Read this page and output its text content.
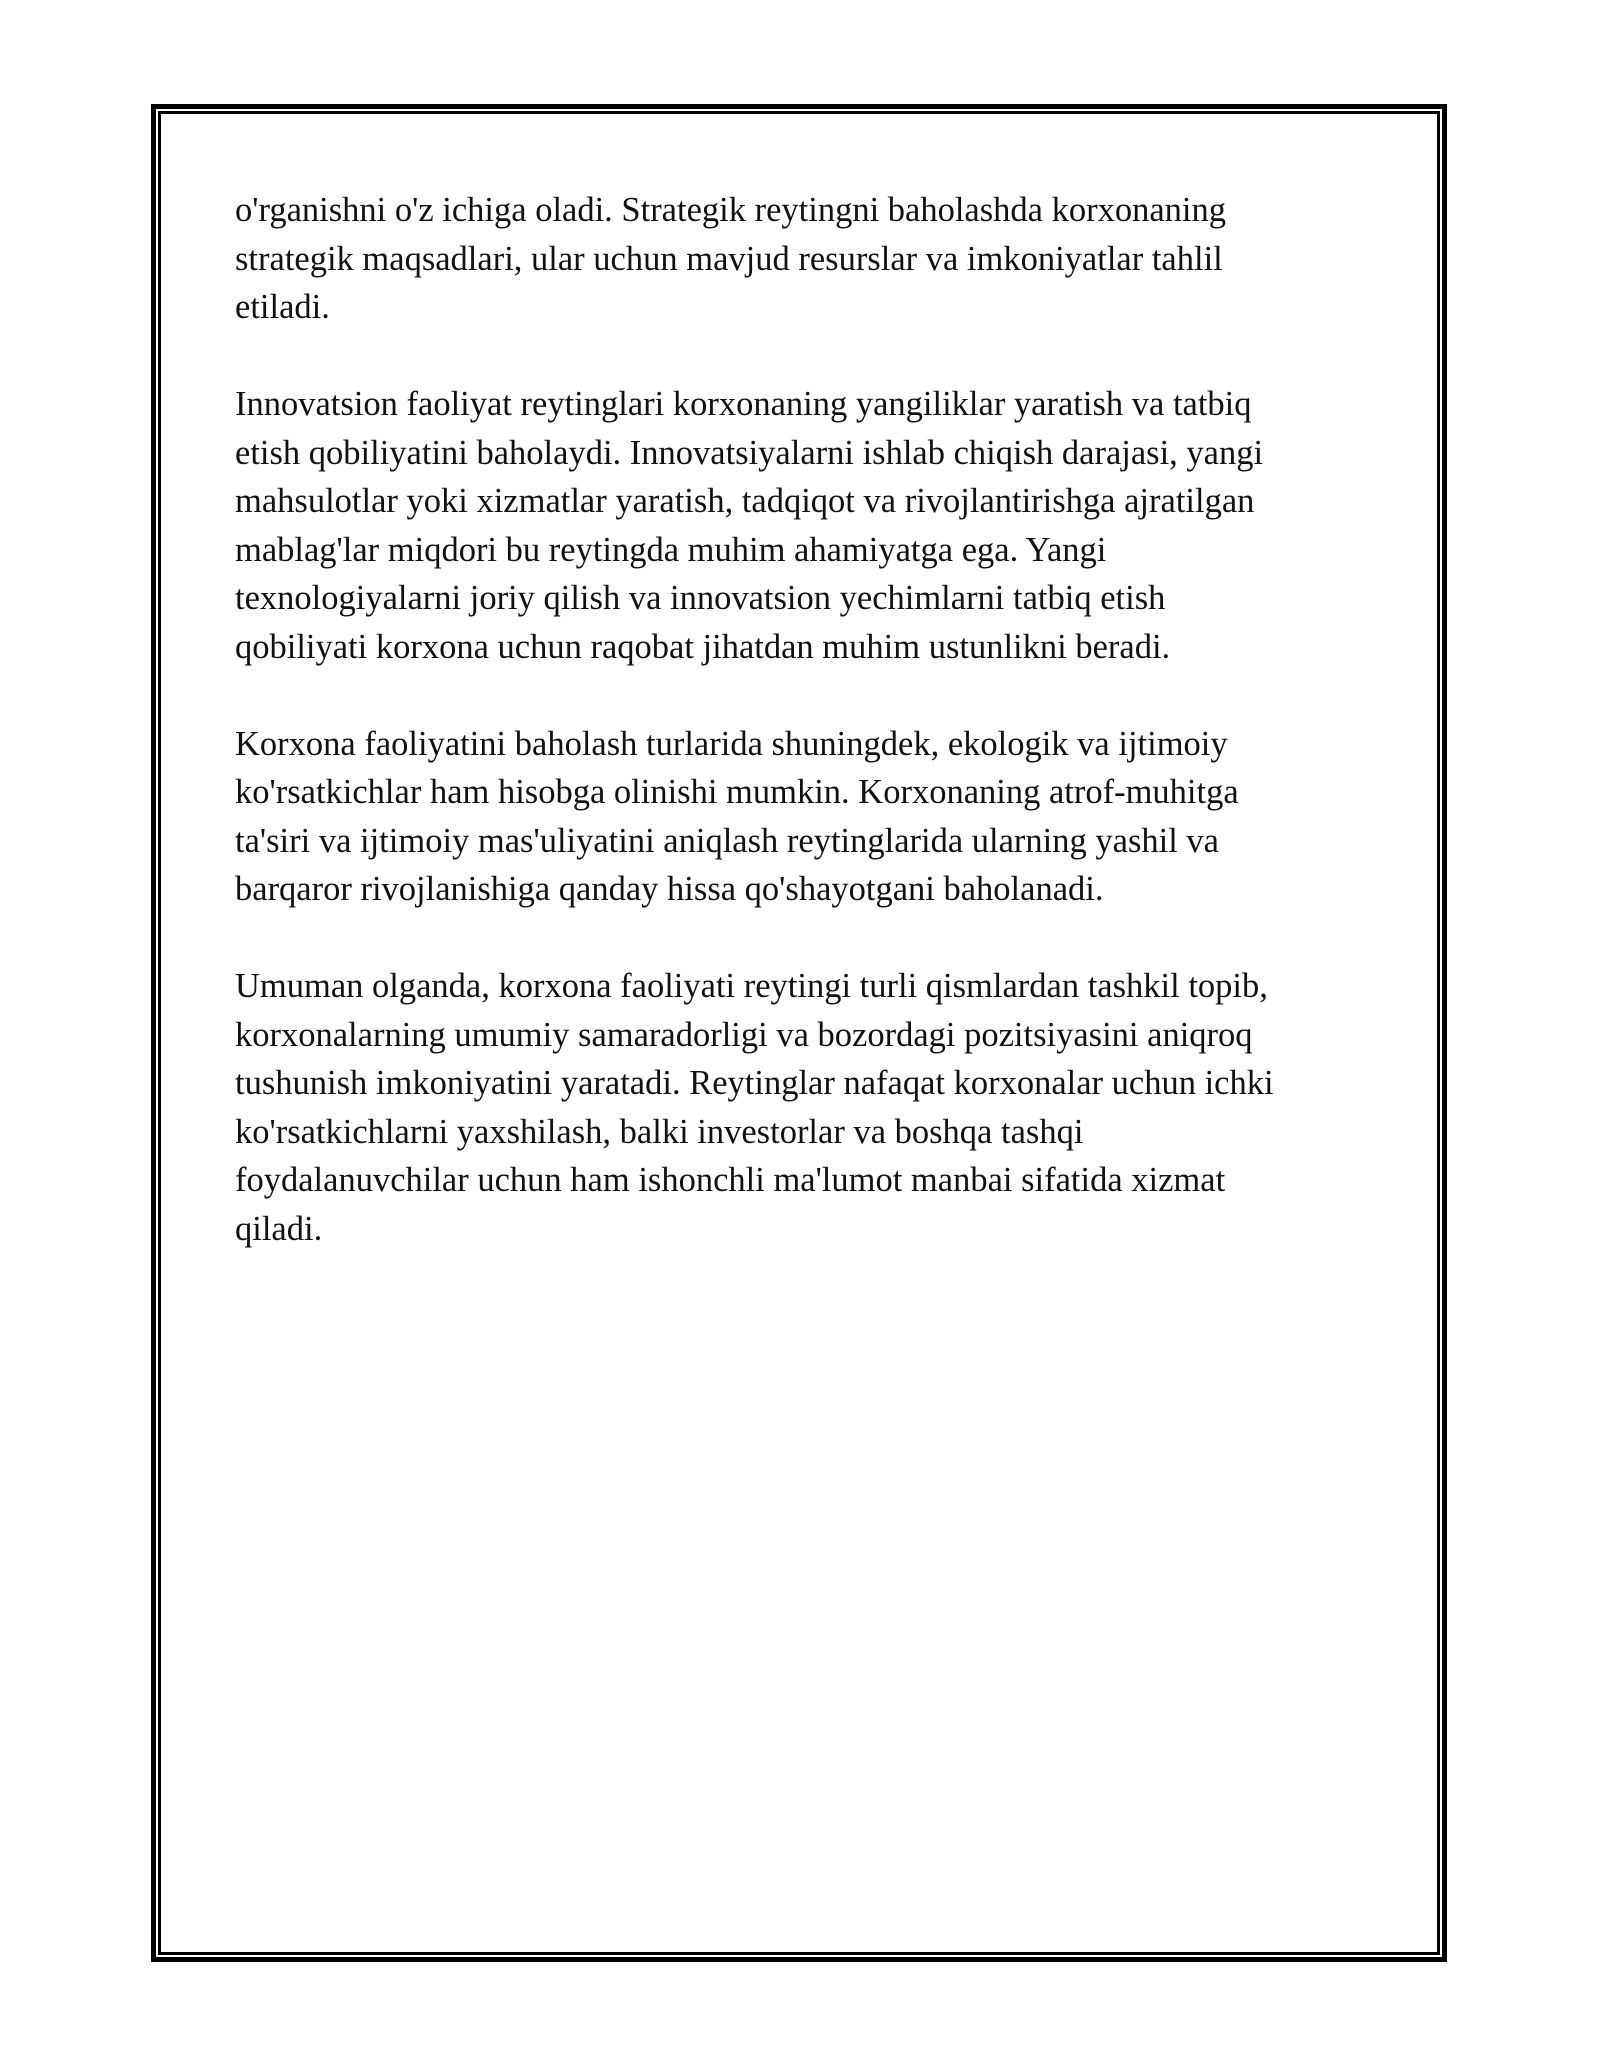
o'rganishni o'z ichiga oladi. Strategik reytingni baholashda korxonaning
strategik maqsadlari, ular uchun mavjud resurslar va imkoniyatlar tahlil
etiladi.

Innovatsion faoliyat reytinglari korxonaning yangiliklar yaratish va tatbiq
etish qobiliyatini baholaydi. Innovatsiyalarni ishlab chiqish darajasi, yangi
mahsulotlar yoki xizmatlar yaratish, tadqiqot va rivojlantirishga ajratilgan
mablag'lar miqdori bu reytingda muhim ahamiyatga ega. Yangi
texnologiyalarni joriy qilish va innovatsion yechimlarni tatbiq etish
qobiliyati korxona uchun raqobat jihatdan muhim ustunlikni beradi.

Korxona faoliyatini baholash turlarida shuningdek, ekologik va ijtimoiy
ko'rsatkichlar ham hisobga olinishi mumkin. Korxonaning atrof-muhitga
ta'siri va ijtimoiy mas'uliyatini aniqlash reytinglarida ularning yashil va
barqaror rivojlanishiga qanday hissa qo'shayotgani baholanadi.

Umuman olganda, korxona faoliyati reytingi turli qismlardan tashkil topib,
korxonalarning umumiy samaradorligi va bozordagi pozitsiyasini aniqroq
tushunish imkoniyatini yaratadi. Reytinglar nafaqat korxonalar uchun ichki
ko'rsatkichlarni yaxshilash, balki investorlar va boshqa tashqi
foydalanuvchilar uchun ham ishonchli ma'lumot manbai sifatida xizmat
qiladi.
